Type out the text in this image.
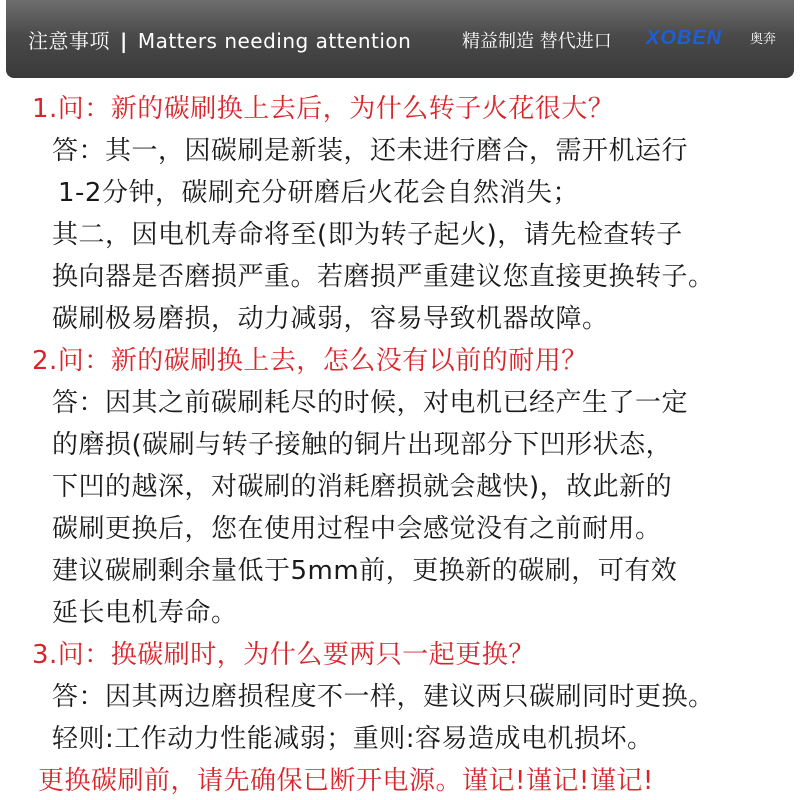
注意事项 | Matters needing attention	精益制造 替代进口 XOBEN 奥奔
1.问：新的碳刷换上去后，为什么转子火花很大？
答：其一，因碳刷是新装，还未进行磨合，需开机运行
1-2分钟，碳刷充分研磨后火花会自然消失；
其二，因电机寿命将至(即为转子起火)，请先检查转子
换向器是否磨损严重。若磨损严重建议您直接更换转子。
碳刷极易磨损，动力减弱，容易导致机器故障。
2.问：新的碳刷换上去，怎么没有以前的耐用？
答：因其之前碳刷耗尽的时候，对电机已经产生了一定
的磨损(碳刷与转子接触的铜片出现部分下凹形状态，
下凹的越深，对碳刷的消耗磨损就会越快)，故此新的
碳刷更换后，您在使用过程中会感觉没有之前耐用。
建议碳刷剩余量低于5mm前，更换新的碳刷，可有效
延长电机寿命。
3.问：换碳刷时，为什么要两只一起更换？
答：因其两边磨损程度不一样，建议两只碳刷同时更换。
轻则:工作动力性能减弱；重则:容易造成电机损坏。
更换碳刷前，请先确保已断开电源。谨记!谨记!谨记!
